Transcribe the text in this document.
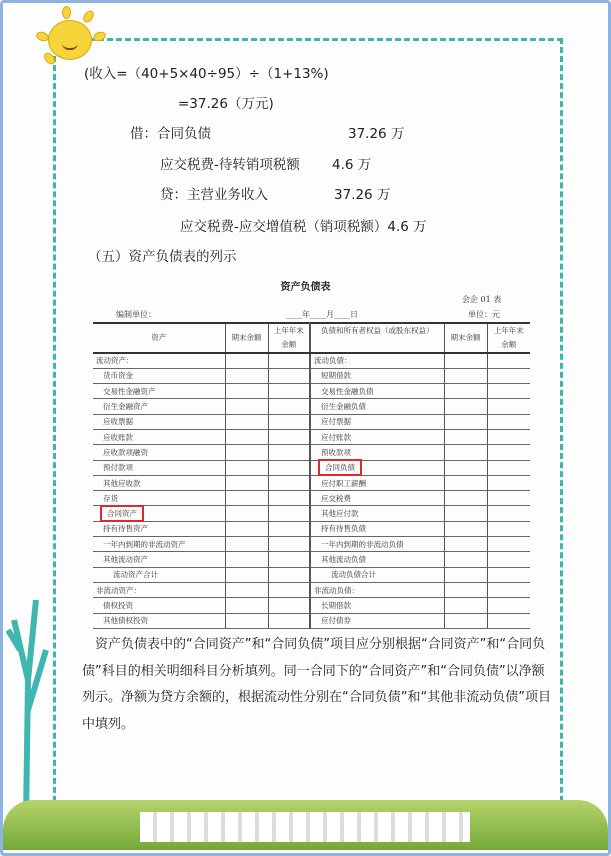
(收入=（40+5×40÷95）÷（1+13%)
=37.26（万元)
借：合同负债	37.26 万
应交税费-待转销项税额 4.6 万
贷：主营业务收入	37.26 万
应交税费-应交增值税（销项税额）4.6 万
（五）资产负债表的列示
资产负债表
会企 01 表
编制单位：	____年____月____日	单位：元
资产	期末余额	上年年末余额	负债和所有者权益（或股东权益）	期末余额	上年年末余额
流动资产：			流动负债：		
货币资金			短期借款		
交易性金融资产			交易性金融负债		
衍生金融资产			衍生金融负债		
应收票据			应付票据		
应收账款			应付账款		
应收款项融资			预收款项		
预付款项			合同负债		
其他应收款			应付职工薪酬		
存货			应交税费		
合同资产			其他应付款		
持有待售资产			持有待售负债		
一年内到期的非流动资产			一年内到期的非流动负债		
其他流动资产			其他流动负债		
流动资产合计			流动负债合计		
非流动资产：			非流动负债：		
债权投资			长期借款		
其他债权投资			应付债券		
资产负债表中的“合同资产”和“合同负债”项目应分别根据“合同资产”和“合同负债”科目的相关明细科目分析填列。同一合同下的“合同资产”和“合同负债”以净额列示。净额为贷方余额的，根据流动性分别在“合同负债”和“其他非流动负债”项目中填列。
